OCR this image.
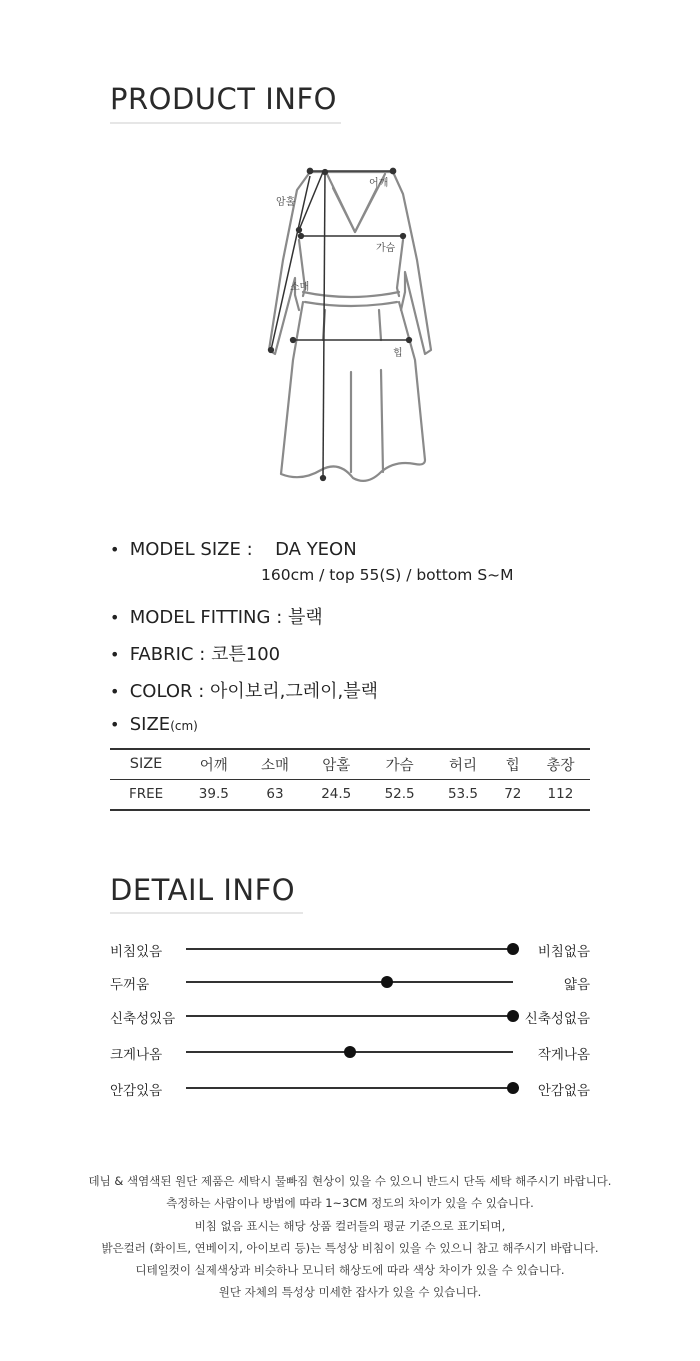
PRODUCT INFO
어깨
암홀
가슴
소매
힙
• MODEL SIZE : DA YEON
160cm / top 55(S) / bottom S~M
• MODEL FITTING : 블랙
• FABRIC : 코튼100
• COLOR : 아이보리,그레이,블랙
• SIZE(cm)
SIZE	어깨	소매	암홀	가슴	허리	힙	총장
FREE	39.5	63	24.5	52.5	53.5	72	112
DETAIL INFO
비침있음	비침없음
두꺼움	얇음
신축성있음	신축성없음
크게나옴	작게나옴
안감있음	안감없음
데님 & 색염색된 원단 제품은 세탁시 물빠짐 현상이 있을 수 있으니 반드시 단독 세탁 해주시기 바랍니다.
측정하는 사람이나 방법에 따라 1~3CM 정도의 차이가 있을 수 있습니다.
비침 없음 표시는 해당 상품 컬러들의 평균 기준으로 표기되며,
밝은컬러 (화이트, 연베이지, 아이보리 등)는 특성상 비침이 있을 수 있으니 참고 해주시기 바랍니다.
디테일컷이 실제색상과 비슷하나 모니터 해상도에 따라 색상 차이가 있을 수 있습니다.
원단 자체의 특성상 미세한 잡사가 있을 수 있습니다.
